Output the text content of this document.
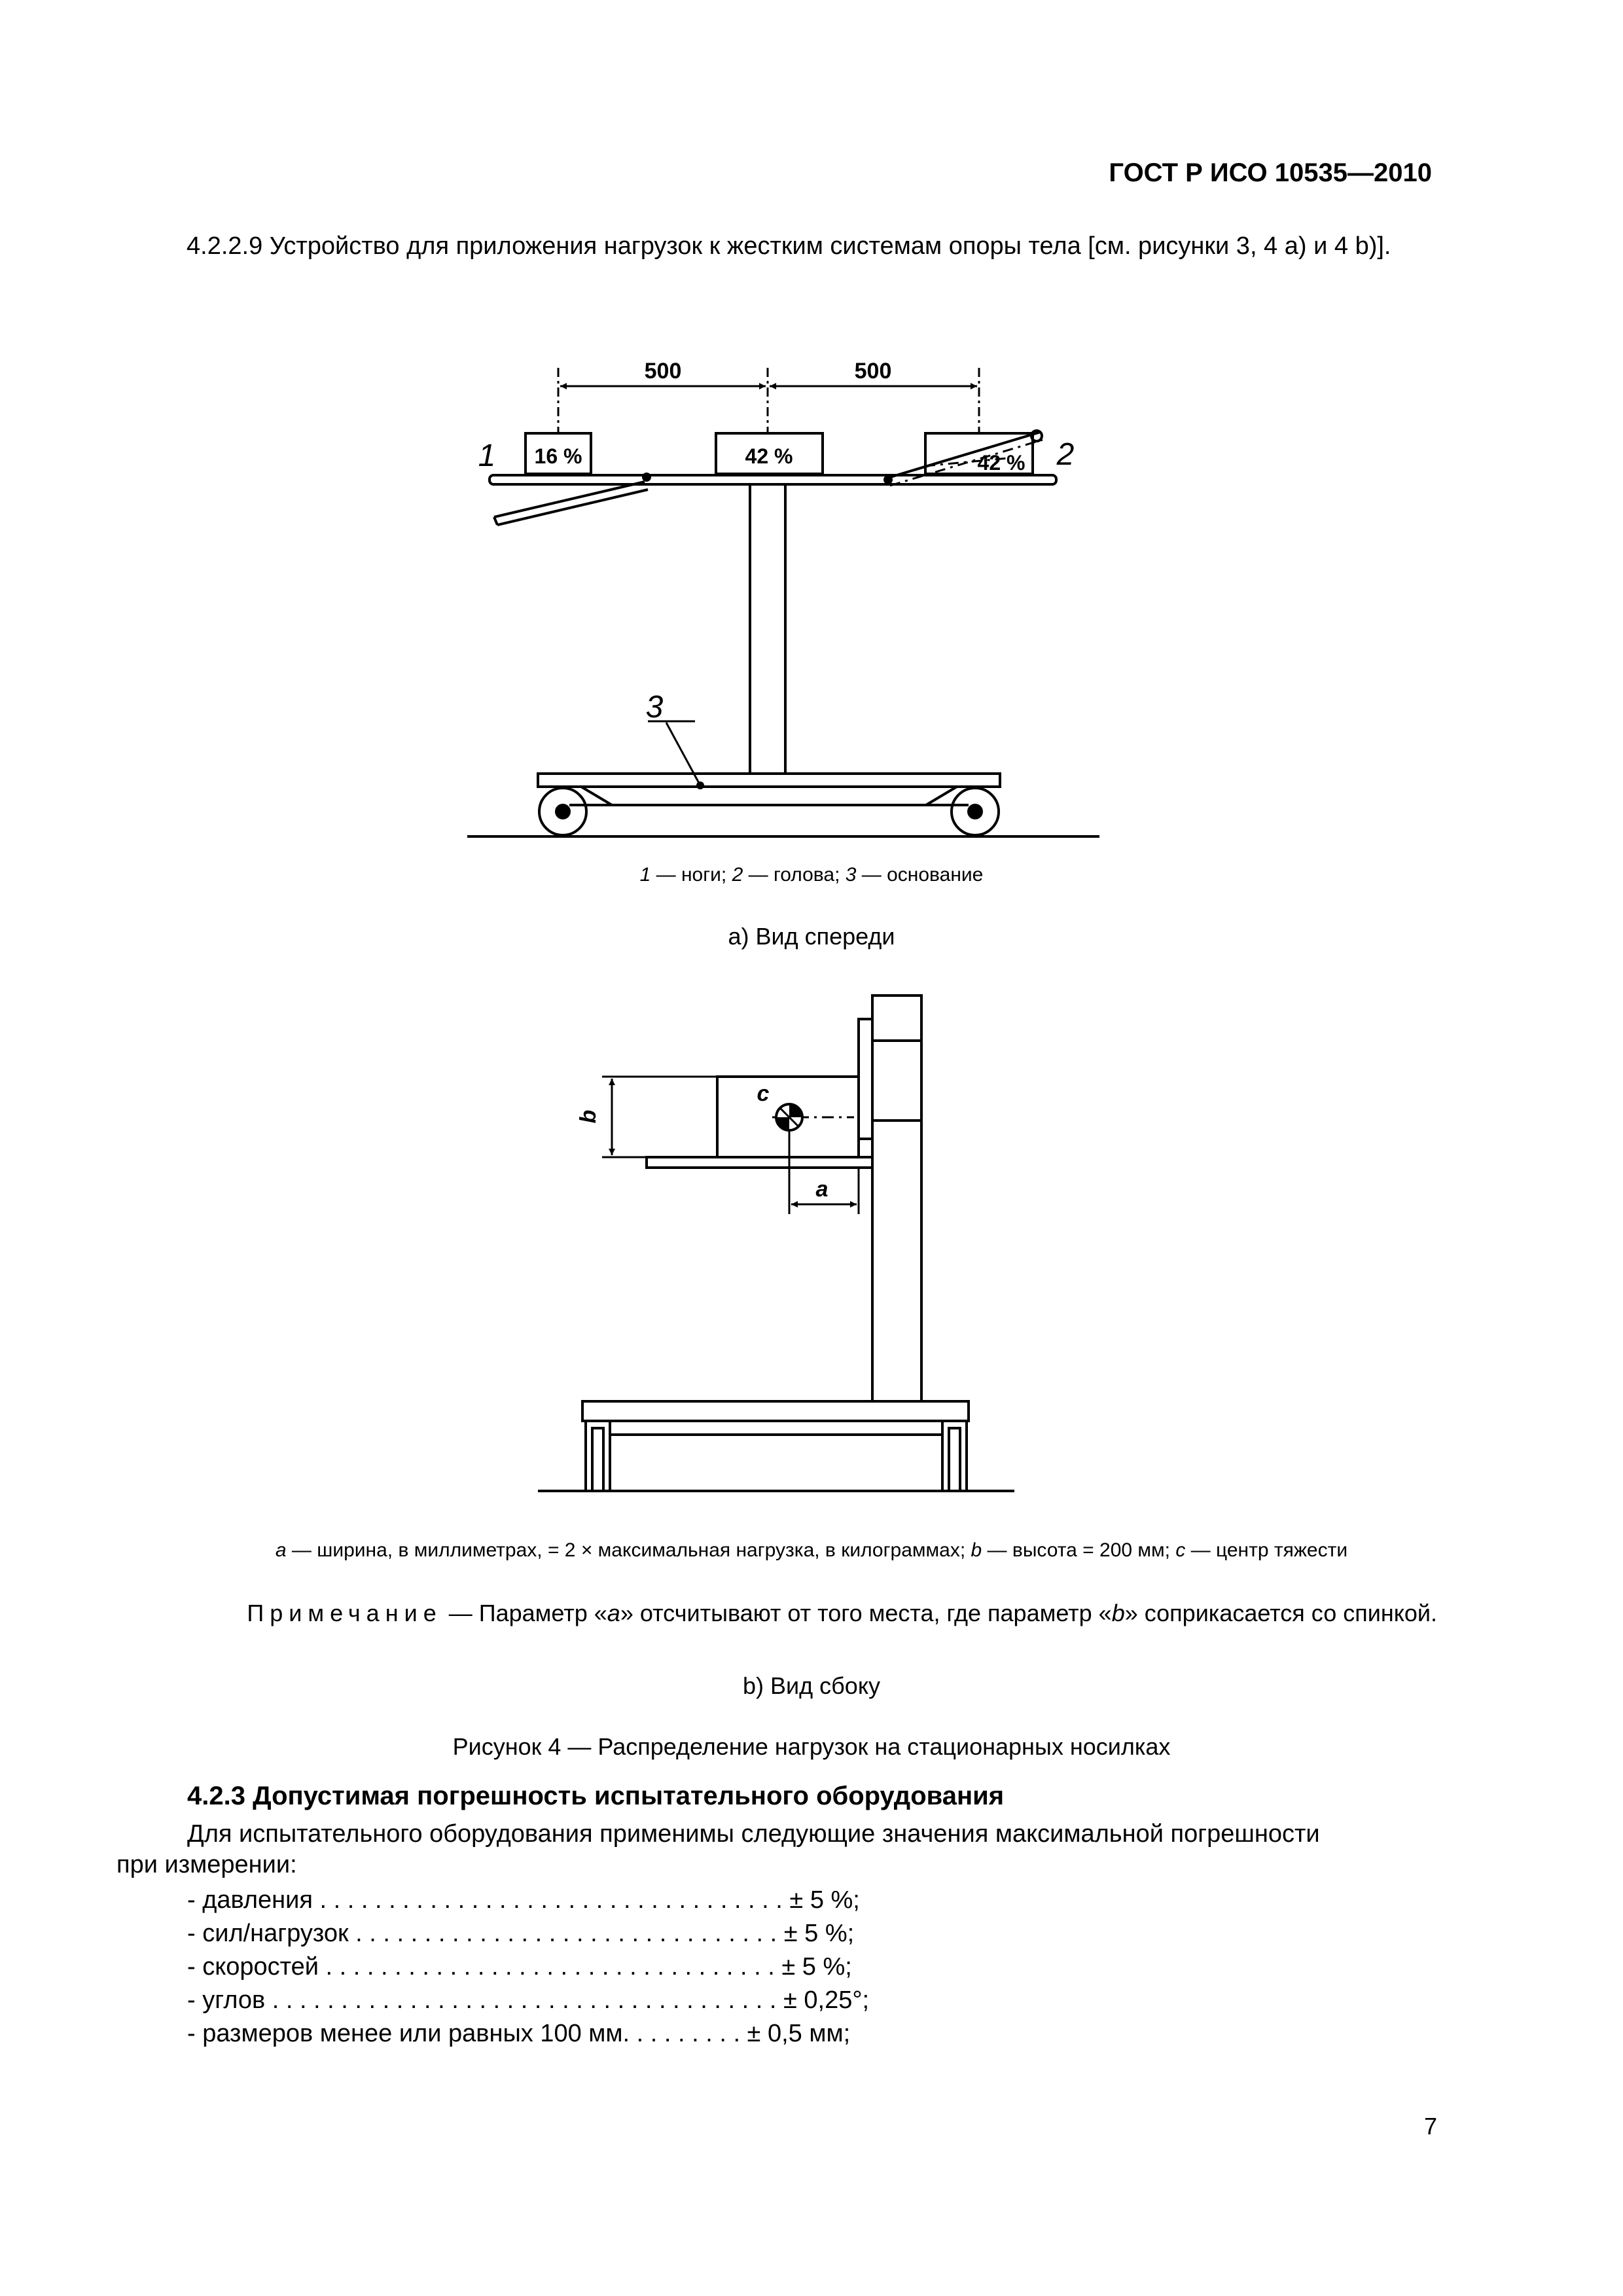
ГОСТ Р ИСО 10535—2010
4.2.2.9 Устройство для приложения нагрузок к жестким системам опоры тела [см. рисунки 3, 4 a) и 4 b)].
500	500
16 %	42 %	42 %
1	2
3
b
c
a
1 — ноги; 2 — голова; 3 — основание
a) Вид спереди
a — ширина, в миллиметрах, = 2 × максимальная нагрузка, в килограммах; b — высота = 200 мм; c — центр тяжести
Примечание — Параметр «a» отсчитывают от того места, где параметр «b» соприкасается со спинкой.
b) Вид сбоку
Рисунок 4 — Распределение нагрузок на стационарных носилках
4.2.3 Допустимая погрешность испытательного оборудования
Для испытательного оборудования применимы следующие значения максимальной погрешности
при измерении:
- давления . . . . . . . . . . . . . . . . . . . . . . . . . . . . . . . . . . ± 5 %;
- сил/нагрузок . . . . . . . . . . . . . . . . . . . . . . . . . . . . . . . ± 5 %;
- скоростей . . . . . . . . . . . . . . . . . . . . . . . . . . . . . . . . . ± 5 %;
- углов . . . . . . . . . . . . . . . . . . . . . . . . . . . . . . . . . . . . . ± 0,25°;
- размеров менее или равных 100 мм. . . . . . . . . ± 0,5 мм;
7
